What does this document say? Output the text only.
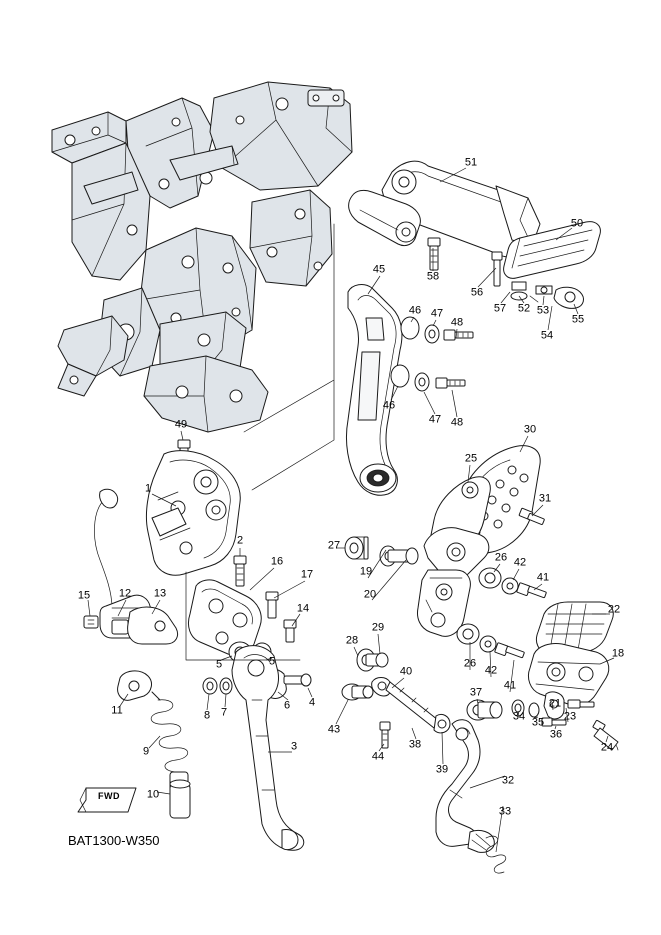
51
50
58
56
57 52 53
54
55
45
46 47
48
46
47 48
49	30
25
31
1
27
26 42
41
2
16
17	19
20
22
15	12 13
14
18
28
29
40
26
42
41
21
23
24
37
34 35
36
5	5
6 4
8 7
11
43
44
38
39
32
33
9	3
10
FWD
BAT1300-W350
